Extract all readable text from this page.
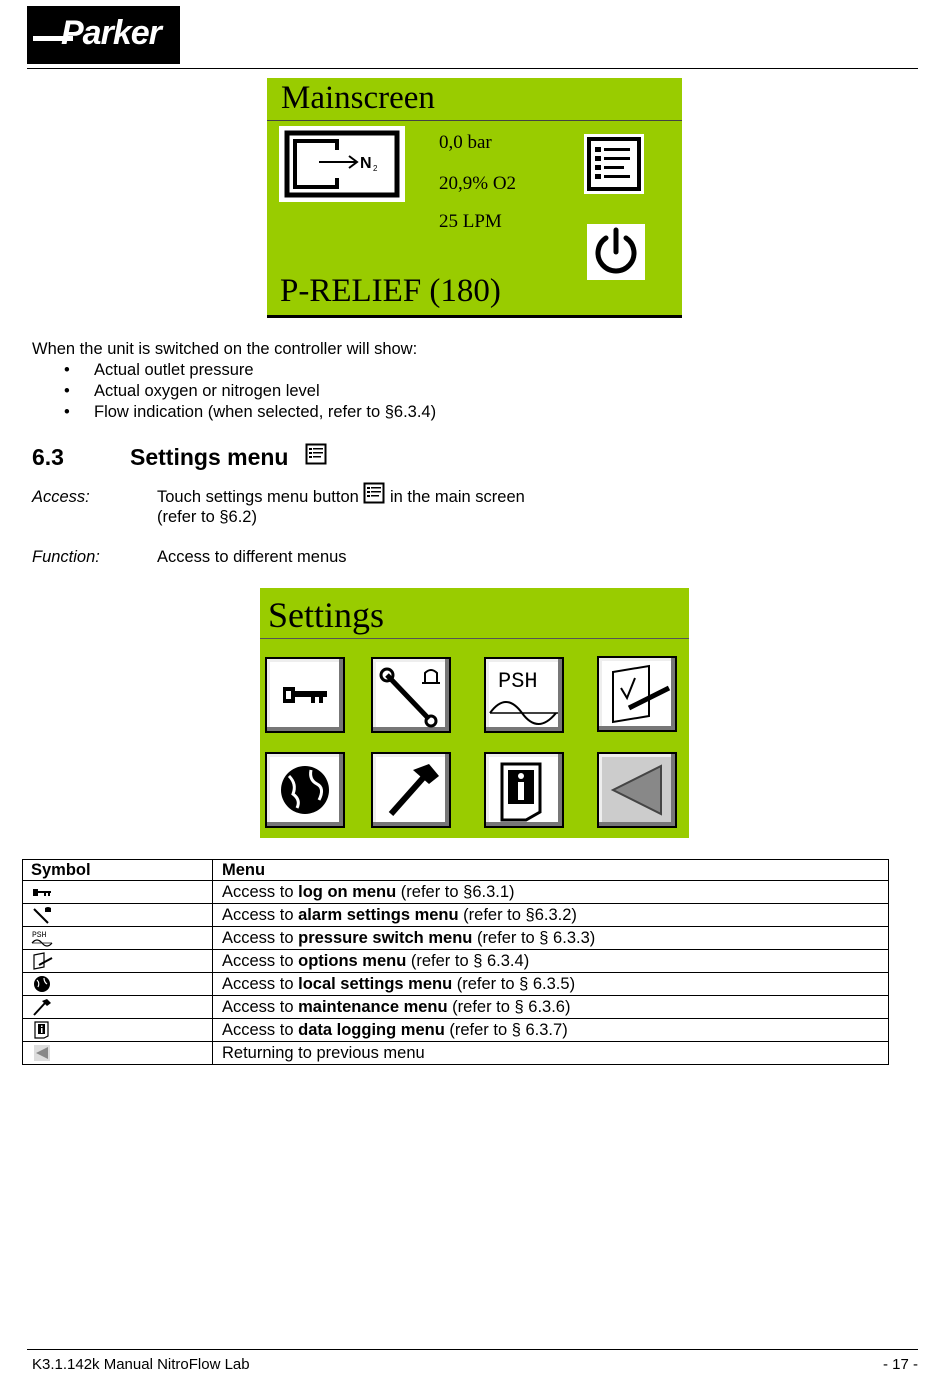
Parker
Mainscreen
N 2
0,0 bar
20,9% O2
25 LPM
P-RELIEF (180)
When the unit is switched on the controller will show:
• Actual outlet pressure
• Actual oxygen or nitrogen level
• Flow indication (when selected, refer to §6.3.4)
6.3	Settings menu
Access:	Touch settings menu button in the main screen
(refer to §6.2)
Function:	Access to different menus
Settings
PSH
Symbol	Menu

	Access to log on menu (refer to §6.3.1)

	Access to alarm settings menu (refer to §6.3.2)

PSH	Access to pressure switch menu (refer to § 6.3.3)

	Access to options menu (refer to § 6.3.4)

	Access to local settings menu (refer to § 6.3.5)

	Access to maintenance menu (refer to § 6.3.6)

	Access to data logging menu (refer to § 6.3.7)

	Returning to previous menu
K3.1.142k Manual NitroFlow Lab	- 17 -
